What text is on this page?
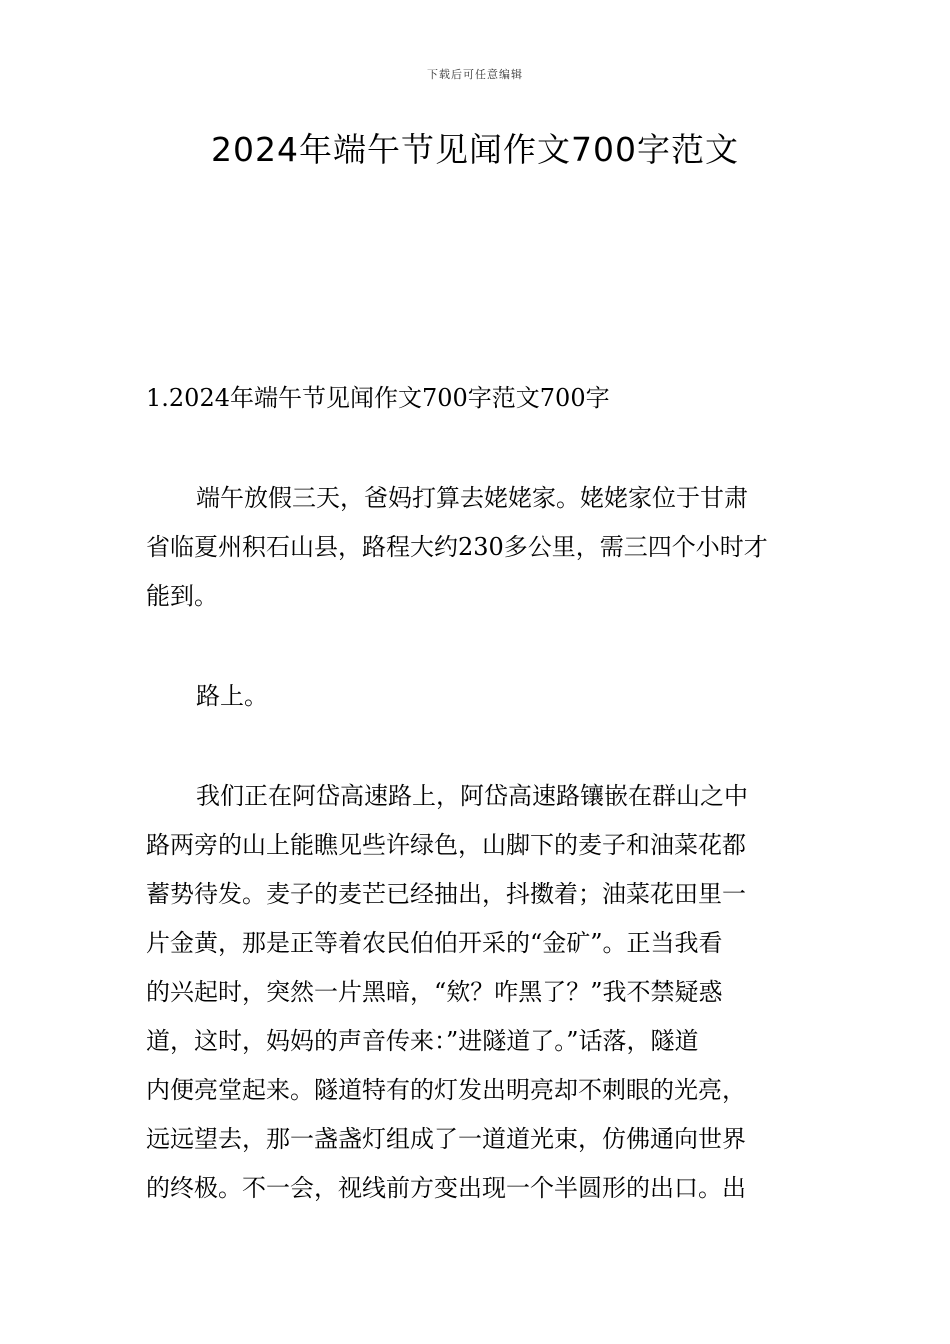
下载后可任意编辑
2024年端午节见闻作文700字范文
1.2024年端午节见闻作文700字范文700字
端午放假三天，爸妈打算去姥姥家。姥姥家位于甘肃
省临夏州积石山县，路程大约230多公里，需三四个小时才
能到。
路上。
我们正在阿岱高速路上，阿岱高速路镶嵌在群山之中
路两旁的山上能瞧见些许绿色，山脚下的麦子和油菜花都
蓄势待发。麦子的麦芒已经抽出，抖擞着；油菜花田里一
片金黄，那是正等着农民伯伯开采的“金矿”。正当我看
的兴起时，突然一片黑暗，“欸？咋黑了？”我不禁疑惑
道，这时，妈妈的声音传来：”进隧道了。”话落，隧道
内便亮堂起来。隧道特有的灯发出明亮却不刺眼的光亮，
远远望去，那一盏盏灯组成了一道道光束，仿佛通向世界
的终极。不一会，视线前方变出现一个半圆形的出口。出
